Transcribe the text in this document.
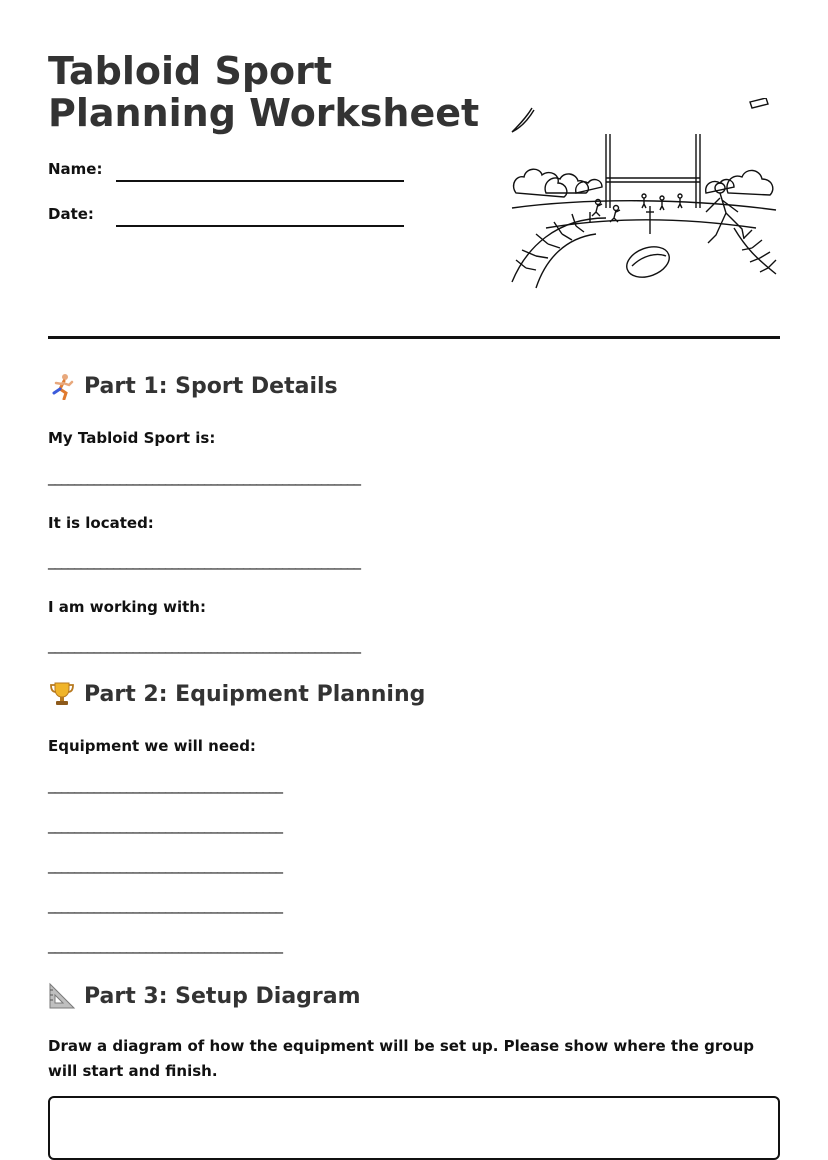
Tabloid Sport Planning Worksheet
Name:
Date:
Part 1: Sport Details
My Tabloid Sport is:
________________________________________________
It is located:
________________________________________________
I am working with:
________________________________________________
Part 2: Equipment Planning
Equipment we will need:
____________________________________
____________________________________
____________________________________
____________________________________
____________________________________
Part 3: Setup Diagram
Draw a diagram of how the equipment will be set up. Please show where the group will start and finish.
